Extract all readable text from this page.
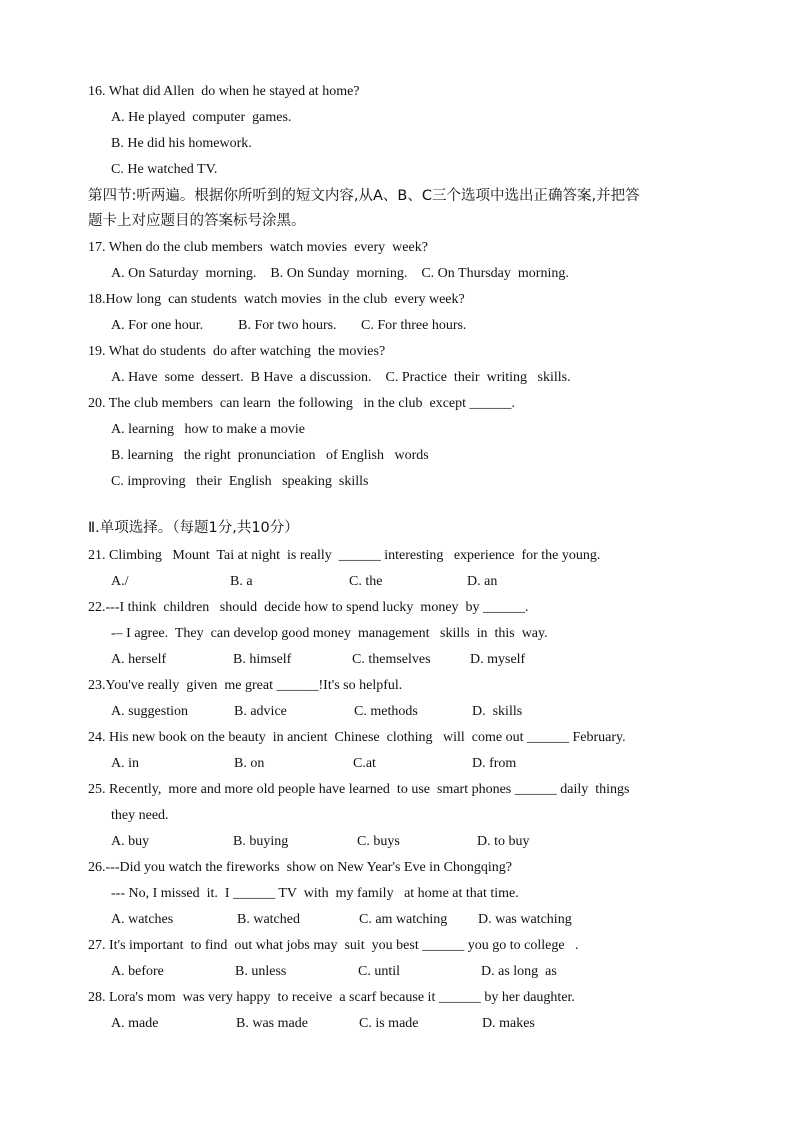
16. What did Allen  do when he stayed at home?
A. He played  computer  games.
B. He did his homework.
C. He watched TV.
第四节:听两遍。根据你所听到的短文内容,从A、B、C三个选项中选出正确答案,并把答
题卡上对应题目的答案标号涂黑。
17. When do the club members  watch movies  every  week?
A. On Saturday  morning.    B. On Sunday  morning.    C. On Thursday  morning.
18.How long  can students  watch movies  in the club  every week?
A. For one hour.          B. For two hours.       C. For three hours.
19. What do students  do after watching  the movies?
A. Have  some  dessert.  B Have  a discussion.    C. Practice  their  writing   skills.
20. The club members  can learn  the following   in the club  except ______.
A. learning   how to make a movie
B. learning   the right  pronunciation   of English   words
C. improving   their  English   speaking  skills
Ⅱ.单项选择。（每题1分,共10分）
21. Climbing   Mount  Tai at night  is really  ______ interesting   experience  for the young.
A./	B. a	C. the	D. an
22.---I think  children   should  decide how to spend lucky  money  by ______.
-– I agree.  They  can develop good money  management   skills  in  this  way.
A. herself	B. himself	C. themselves	D. myself
23.You've really  given  me great ______!It's so helpful.
A. suggestion	B. advice	C. methods	D.  skills
24. His new book on the beauty  in ancient  Chinese  clothing   will  come out ______ February.
A. in	B. on	C.at	D. from
25. Recently,  more and more old people have learned  to use  smart phones ______ daily  things
they need.
A. buy	B. buying	C. buys	D. to buy
26.---Did you watch the fireworks  show on New Year's Eve in Chongqing?
--- No, I missed  it.  I ______ TV  with  my family   at home at that time.
A. watches	B. watched	C. am watching D. was watching
27. It's important  to find  out what jobs may  suit  you best ______ you go to college   .
A. before	B. unless	C. until	D. as long  as
28. Lora's mom  was very happy  to receive  a scarf because it ______ by her daughter.
A. made	B. was made	C. is made	D. makes
